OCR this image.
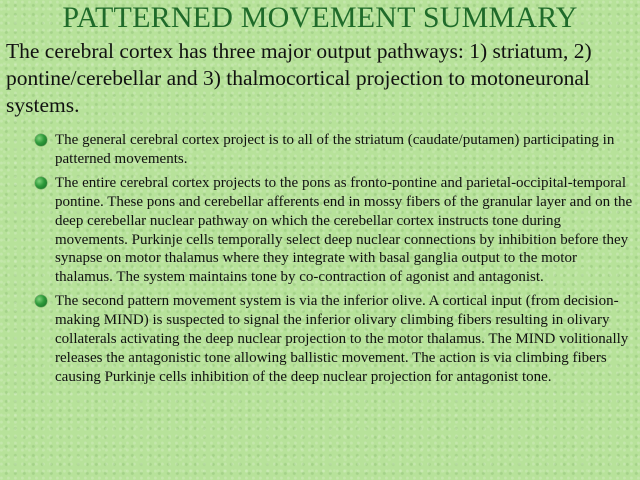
PATTERNED MOVEMENT SUMMARY
The cerebral cortex has three major output pathways: 1) striatum, 2) pontine/cerebellar and 3) thalmocortical projection to motoneuronal systems.
The general cerebral cortex project is to all of the striatum (caudate/putamen) participating in patterned movements.
The entire cerebral cortex projects to the pons as fronto-pontine and parietal-occipital-temporal pontine. These pons and cerebellar afferents end in mossy fibers of the granular layer and on the deep cerebellar nuclear pathway on which the cerebellar cortex instructs tone during movements. Purkinje cells temporally select deep nuclear connections by inhibition before they synapse on motor thalamus where they integrate with basal ganglia output to the motor thalamus. The system maintains tone by co-contraction of agonist and antagonist.
The second pattern movement system is via the inferior olive. A cortical input (from decision-making MIND) is suspected to signal the inferior olivary climbing fibers resulting in olivary collaterals activating the deep nuclear projection to the motor thalamus. The MIND volitionally releases the antagonistic tone allowing ballistic movement. The action is via climbing fibers causing Purkinje cells inhibition of the deep nuclear projection for antagonist tone.
